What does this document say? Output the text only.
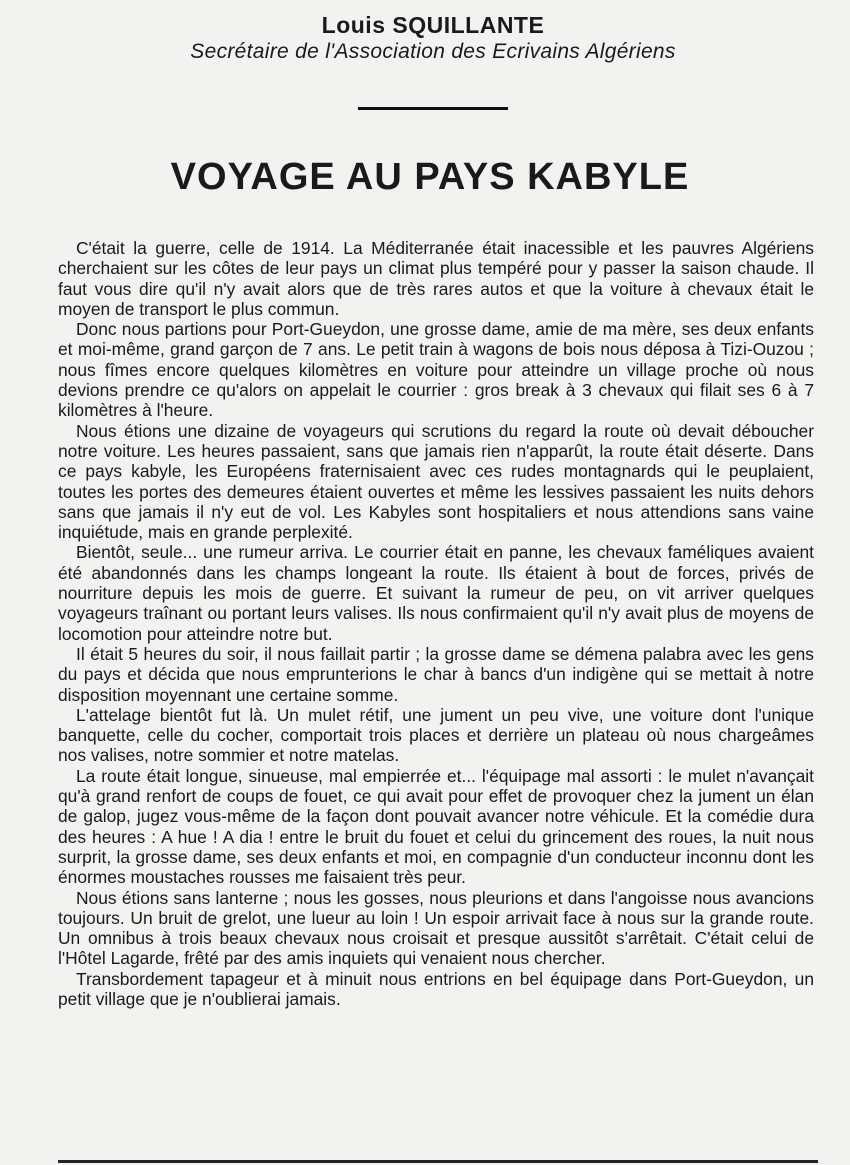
Louis SQUILLANTE
Secrétaire de l'Association des Ecrivains Algériens
VOYAGE AU PAYS KABYLE

C'était la guerre, celle de 1914. La Méditerranée était inacessible et les pauvres Algériens cherchaient sur les côtes de leur pays un climat plus tempéré pour y passer la saison chaude. Il faut vous dire qu'il n'y avait alors que de très rares autos et que la voiture à chevaux était le moyen de transport le plus commun.

Donc nous partions pour Port-Gueydon, une grosse dame, amie de ma mère, ses deux enfants et moi-même, grand garçon de 7 ans. Le petit train à wagons de bois nous déposa à Tizi-Ouzou ; nous fîmes encore quelques kilomètres en voiture pour atteindre un village proche où nous devions prendre ce qu'alors on appelait le courrier : gros break à 3 chevaux qui filait ses 6 à 7 kilomètres à l'heure.

Nous étions une dizaine de voyageurs qui scrutions du regard la route où devait déboucher notre voiture. Les heures passaient, sans que jamais rien n'apparût, la route était déserte. Dans ce pays kabyle, les Européens fraternisaient avec ces rudes montagnards qui le peuplaient, toutes les portes des demeures étaient ouvertes et même les lessives passaient les nuits dehors sans que jamais il n'y eut de vol. Les Kabyles sont hospitaliers et nous attendions sans vaine inquiétude, mais en grande perplexité.

Bientôt, seule... une rumeur arriva. Le courrier était en panne, les chevaux faméliques avaient été abandonnés dans les champs longeant la route. Ils étaient à bout de forces, privés de nourriture depuis les mois de guerre. Et suivant la rumeur de peu, on vit arriver quelques voyageurs traînant ou portant leurs valises. Ils nous confirmaient qu'il n'y avait plus de moyens de locomotion pour atteindre notre but.

Il était 5 heures du soir, il nous faillait partir ; la grosse dame se démena palabra avec les gens du pays et décida que nous emprunterions le char à bancs d'un indigène qui se mettait à notre disposition moyennant une certaine somme.

L'attelage bientôt fut là. Un mulet rétif, une jument un peu vive, une voiture dont l'unique banquette, celle du cocher, comportait trois places et derrière un plateau où nous chargeâmes nos valises, notre sommier et notre matelas.

La route était longue, sinueuse, mal empierrée et... l'équipage mal assorti : le mulet n'avançait qu'à grand renfort de coups de fouet, ce qui avait pour effet de provoquer chez la jument un élan de galop, jugez vous-même de la façon dont pouvait avancer notre véhicule. Et la comédie dura des heures : A hue ! A dia ! entre le bruit du fouet et celui du grincement des roues, la nuit nous surprit, la grosse dame, ses deux enfants et moi, en compagnie d'un conducteur inconnu dont les énormes moustaches rousses me faisaient très peur.

Nous étions sans lanterne ; nous les gosses, nous pleurions et dans l'angoisse nous avancions toujours. Un bruit de grelot, une lueur au loin ! Un espoir arrivait face à nous sur la grande route. Un omnibus à trois beaux chevaux nous croisait et presque aussitôt s'arrêtait. C'était celui de l'Hôtel Lagarde, frêté par des amis inquiets qui venaient nous chercher.

Transbordement tapageur et à minuit nous entrions en bel équipage dans Port-Gueydon, un petit village que je n'oublierai jamais.
